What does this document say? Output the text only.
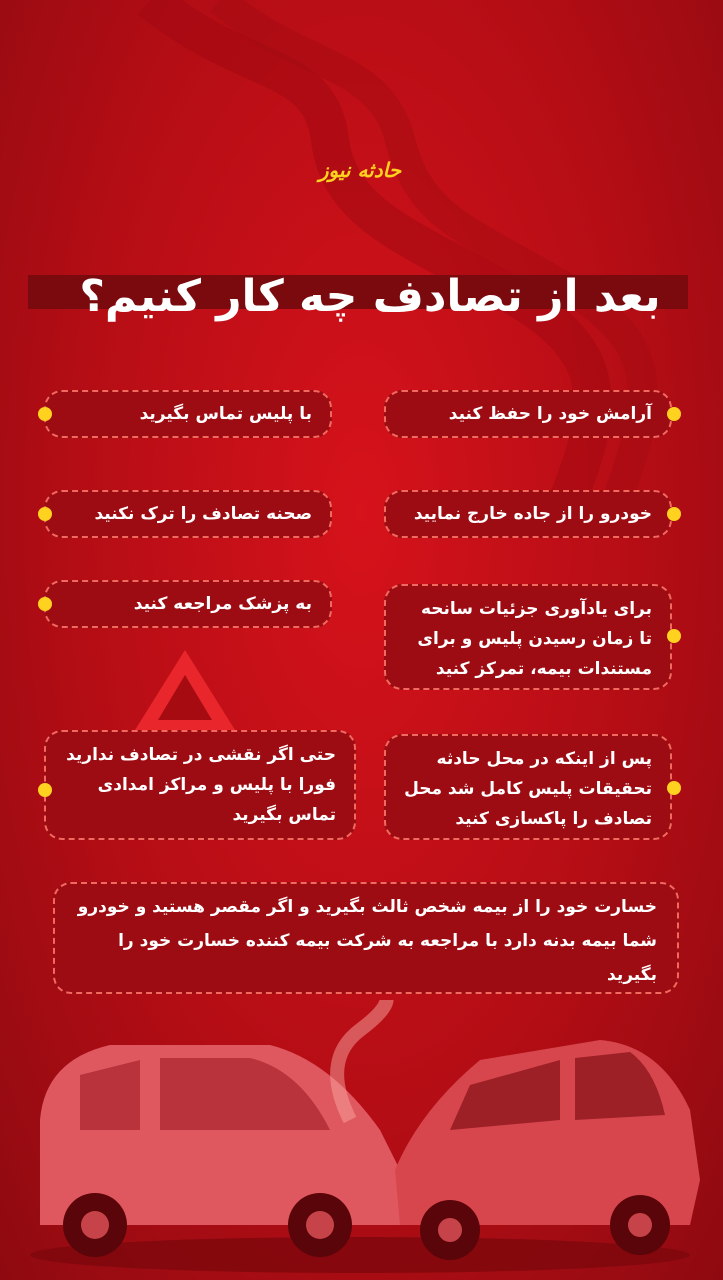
حادثه نیوز
بعد از تصادف چه کار کنیم؟
آرامش خود را حفظ کنید
خودرو را از جاده خارج نمایید
برای یادآوری جزئیات سانحه تا زمان رسیدن پلیس و برای مستندات بیمه، تمرکز کنید
پس از اینکه در محل حادثه تحقیقات پلیس کامل شد محل تصادف را پاکسازی کنید
با پلیس تماس بگیرید
صحنه تصادف را ترک نکنید
به پزشک مراجعه کنید
حتی اگر نقشی در تصادف ندارید فورا با پلیس و مراکز امدادی تماس بگیرید
خسارت خود را از بیمه شخص ثالث بگیرید و اگر مقصر هستید و خودرو شما بیمه بدنه دارد با مراجعه به شرکت بیمه کننده خسارت خود را بگیرید
